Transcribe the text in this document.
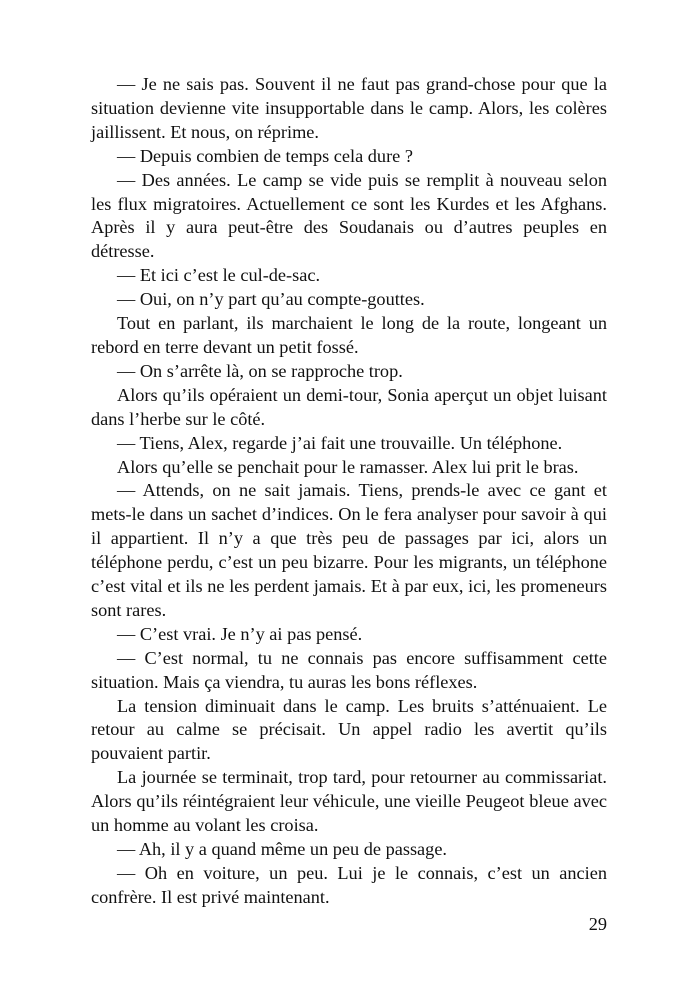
— Je ne sais pas. Souvent il ne faut pas grand-chose pour que la situation devienne vite insupportable dans le camp. Alors, les colères jaillissent. Et nous, on réprime.

— Depuis combien de temps cela dure ?

— Des années. Le camp se vide puis se remplit à nouveau selon les flux migratoires. Actuellement ce sont les Kurdes et les Afghans. Après il y aura peut-être des Soudanais ou d’autres peuples en détresse.

— Et ici c’est le cul-de-sac.

— Oui, on n’y part qu’au compte-gouttes.

Tout en parlant, ils marchaient le long de la route, longeant un rebord en terre devant un petit fossé.

— On s’arrête là, on se rapproche trop.

Alors qu’ils opéraient un demi-tour, Sonia aperçut un objet luisant dans l’herbe sur le côté.

— Tiens, Alex, regarde j’ai fait une trouvaille. Un téléphone.

Alors qu’elle se penchait pour le ramasser. Alex lui prit le bras.

— Attends, on ne sait jamais. Tiens, prends-le avec ce gant et mets-le dans un sachet d’indices. On le fera analyser pour savoir à qui il appartient. Il n’y a que très peu de passages par ici, alors un téléphone perdu, c’est un peu bizarre. Pour les migrants, un téléphone c’est vital et ils ne les perdent jamais. Et à par eux, ici, les promeneurs sont rares.

— C’est vrai. Je n’y ai pas pensé.

— C’est normal, tu ne connais pas encore suffisamment cette situation. Mais ça viendra, tu auras les bons réflexes.

La tension diminuait dans le camp. Les bruits s’atténuaient. Le retour au calme se précisait. Un appel radio les avertit qu’ils pouvaient partir.

La journée se terminait, trop tard, pour retourner au commissariat. Alors qu’ils réintégraient leur véhicule, une vieille Peugeot bleue avec un homme au volant les croisa.

— Ah, il y a quand même un peu de passage.

— Oh en voiture, un peu. Lui je le connais, c’est un ancien confrère. Il est privé maintenant.

29
